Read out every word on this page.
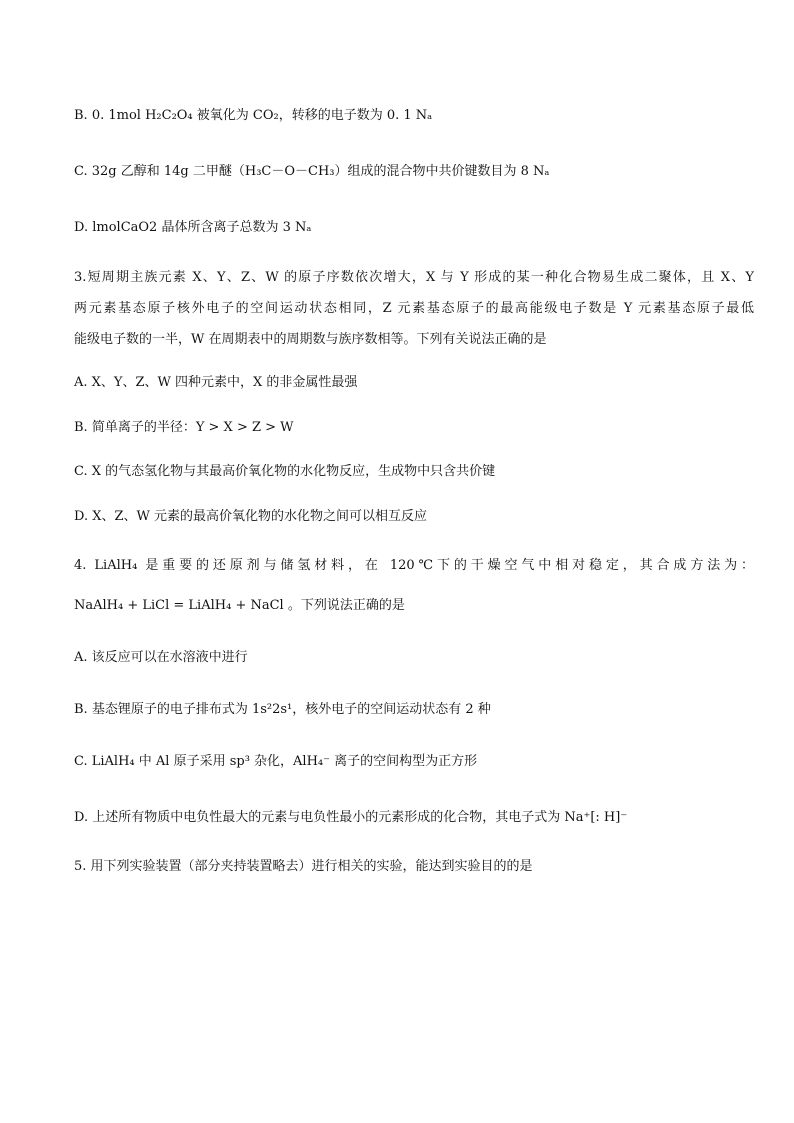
B. 0. 1mol H₂C₂O₄ 被氧化为 CO₂，转移的电子数为 0. 1 Nₐ
C. 32g 乙醇和 14g 二甲醚（H₃C－O－CH₃）组成的混合物中共价键数目为 8 Nₐ
D. lmolCaO2 晶体所含离子总数为 3 Nₐ
3.短周期主族元素 X、Y、Z、W 的原子序数依次增大，X 与 Y 形成的某一种化合物易生成二聚体，且 X、Y
两元素基态原子核外电子的空间运动状态相同，Z 元素基态原子的最高能级电子数是 Y 元素基态原子最低
能级电子数的一半，W 在周期表中的周期数与族序数相等。下列有关说法正确的是
A. X、Y、Z、W 四种元素中，X 的非金属性最强
B. 简单离子的半径：Y > X > Z > W
C. X 的气态氢化物与其最高价氧化物的水化物反应，生成物中只含共价键
D. X、Z、W 元素的最高价氧化物的水化物之间可以相互反应
4. LiAlH₄ 是重要的还原剂与储氢材料，在 120℃下的干燥空气中相对稳定，其合成方法为：
NaAlH₄ + LiCl = LiAlH₄ + NaCl 。下列说法正确的是
A. 该反应可以在水溶液中进行
B. 基态锂原子的电子排布式为 1s²2s¹，核外电子的空间运动状态有 2 种
C. LiAlH₄ 中 Al 原子采用 sp³ 杂化，AlH₄⁻ 离子的空间构型为正方形
D. 上述所有物质中电负性最大的元素与电负性最小的元素形成的化合物，其电子式为 Na⁺[: H]⁻
5. 用下列实验装置（部分夹持装置略去）进行相关的实验，能达到实验目的的是
